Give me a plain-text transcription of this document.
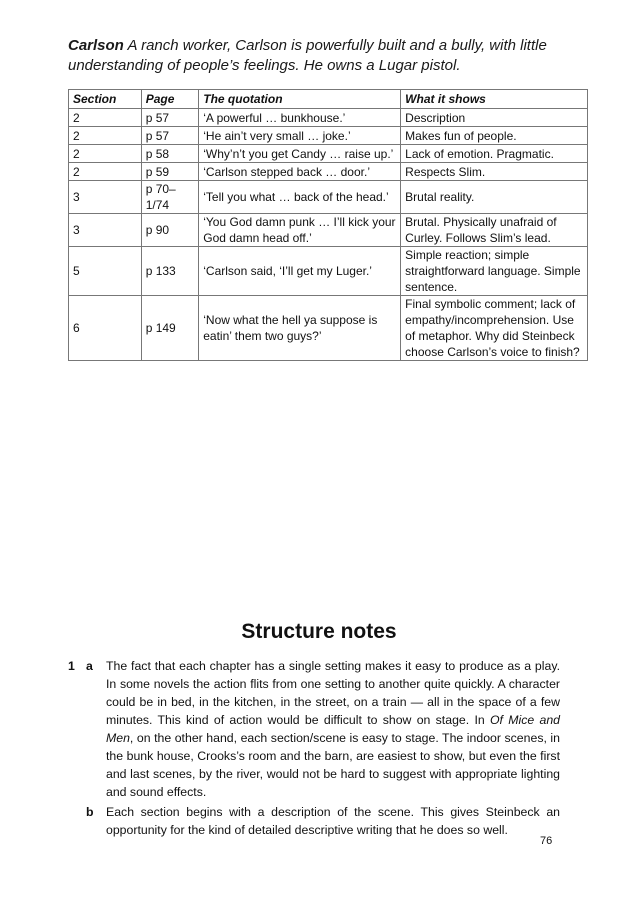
Carlson A ranch worker, Carlson is powerfully built and a bully, with little understanding of people’s feelings. He owns a Lugar pistol.
Section	Page	The quotation	What it shows
2	p 57	‘A powerful … bunkhouse.’	Description
2	p 57	‘He ain’t very small … joke.’	Makes fun of people.
2	p 58	‘Why’n’t you get Candy … raise up.’	Lack of emotion. Pragmatic.
2	p 59	‘Carlson stepped back … door.’	Respects Slim.
3	p 70–1/74	‘Tell you what … back of the head.’	Brutal reality.
3	p 90	‘You God damn punk … I’ll kick your God damn head off.’	Brutal. Physically unafraid of Curley. Follows Slim’s lead.
5	p 133	‘Carlson said, ‘I’ll get my Luger.’	Simple reaction; simple straightforward language. Simple sentence.
6	p 149	‘Now what the hell ya suppose is eatin’ them two guys?’	Final symbolic comment; lack of empathy/incomprehension. Use of metaphor. Why did Steinbeck choose Carlson’s voice to finish?
Structure notes
1 a	The fact that each chapter has a single setting makes it easy to produce as a play. In some novels the action flits from one setting to another quite quickly. A character could be in bed, in the kitchen, in the street, on a train — all in the space of a few minutes. This kind of action would be difficult to show on stage. In Of Mice and Men, on the other hand, each section/scene is easy to stage. The indoor scenes, in the bunk house, Crooks’s room and the barn, are easiest to show, but even the first and last scenes, by the river, would not be hard to suggest with appropriate lighting and sound effects.
b	Each section begins with a description of the scene. This gives Steinbeck an opportunity for the kind of detailed descriptive writing that he does so well.
76
